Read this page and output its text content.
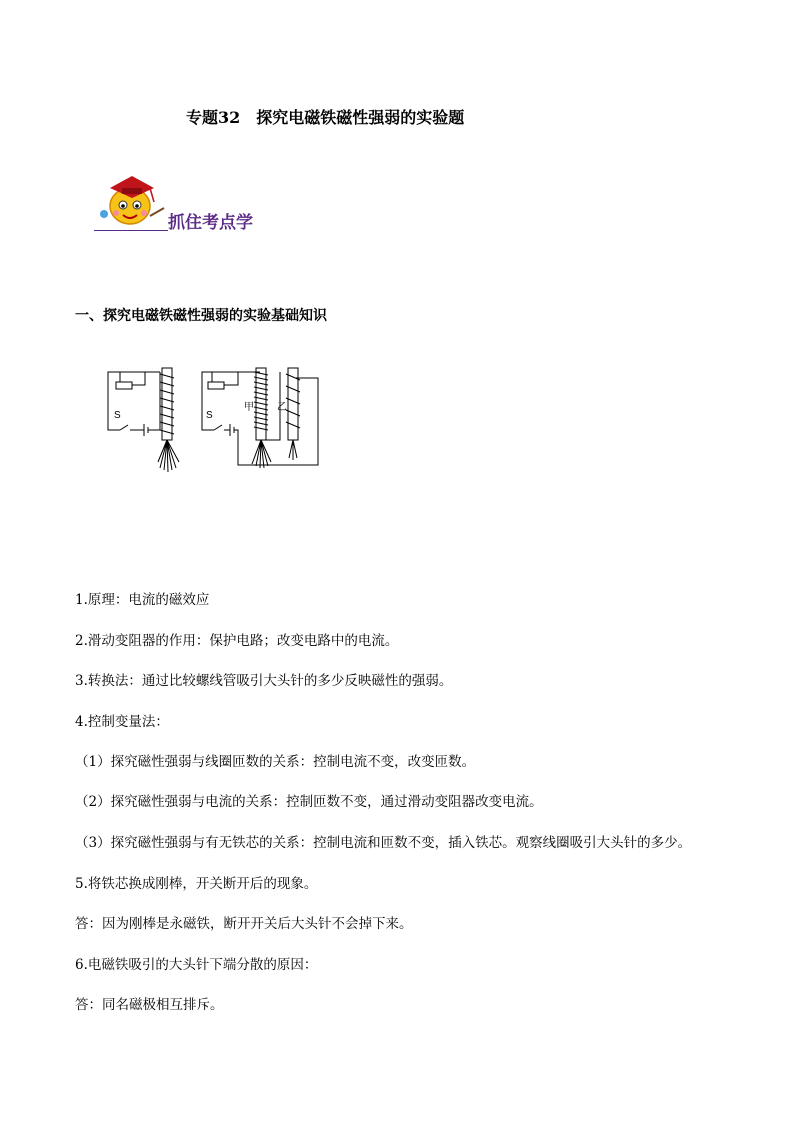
专题32　探究电磁铁磁性强弱的实验题
抓住考点学
一、探究电磁铁磁性强弱的实验基础知识
S	S
甲 乙
1.原理：电流的磁效应
2.滑动变阻器的作用：保护电路；改变电路中的电流。
3.转换法：通过比较螺线管吸引大头针的多少反映磁性的强弱。
4.控制变量法：
（1）探究磁性强弱与线圈匝数的关系：控制电流不变，改变匝数。
（2）探究磁性强弱与电流的关系：控制匝数不变，通过滑动变阻器改变电流。
（3）探究磁性强弱与有无铁芯的关系：控制电流和匝数不变，插入铁芯。观察线圈吸引大头针的多少。
5.将铁芯换成刚棒，开关断开后的现象。
答：因为刚棒是永磁铁，断开开关后大头针不会掉下来。
6.电磁铁吸引的大头针下端分散的原因：
答：同名磁极相互排斥。
